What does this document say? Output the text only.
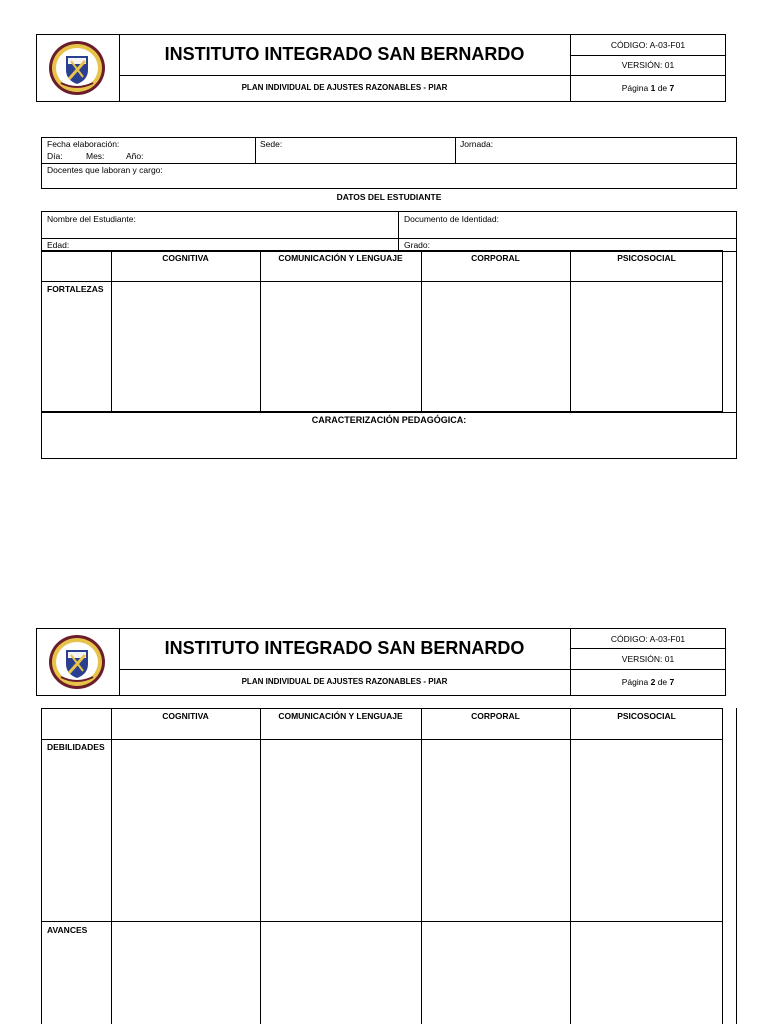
INSTITUTO INTEGRADO SAN BERNARDO
PLAN INDIVIDUAL DE AJUSTES RAZONABLES - PIAR
CÓDIGO: A-03-F01
VERSIÓN: 01
Página 1 de 7
Fecha elaboración:
Día:	Mes:	Año:
Sede:	Jornada:
Docentes que laboran y cargo:
DATOS DEL ESTUDIANTE
Nombre del Estudiante:	Documento de Identidad:
Edad:	Grado:
COGNITIVA	COMUNICACIÓN Y LENGUAJE	CORPORAL	PSICOSOCIAL
FORTALEZAS
CARACTERIZACIÓN PEDAGÓGICA:
INSTITUTO INTEGRADO SAN BERNARDO
PLAN INDIVIDUAL DE AJUSTES RAZONABLES - PIAR
CÓDIGO: A-03-F01
VERSIÓN: 01
Página 2 de 7
COGNITIVA	COMUNICACIÓN Y LENGUAJE	CORPORAL	PSICOSOCIAL
DEBILIDADES
AVANCES
